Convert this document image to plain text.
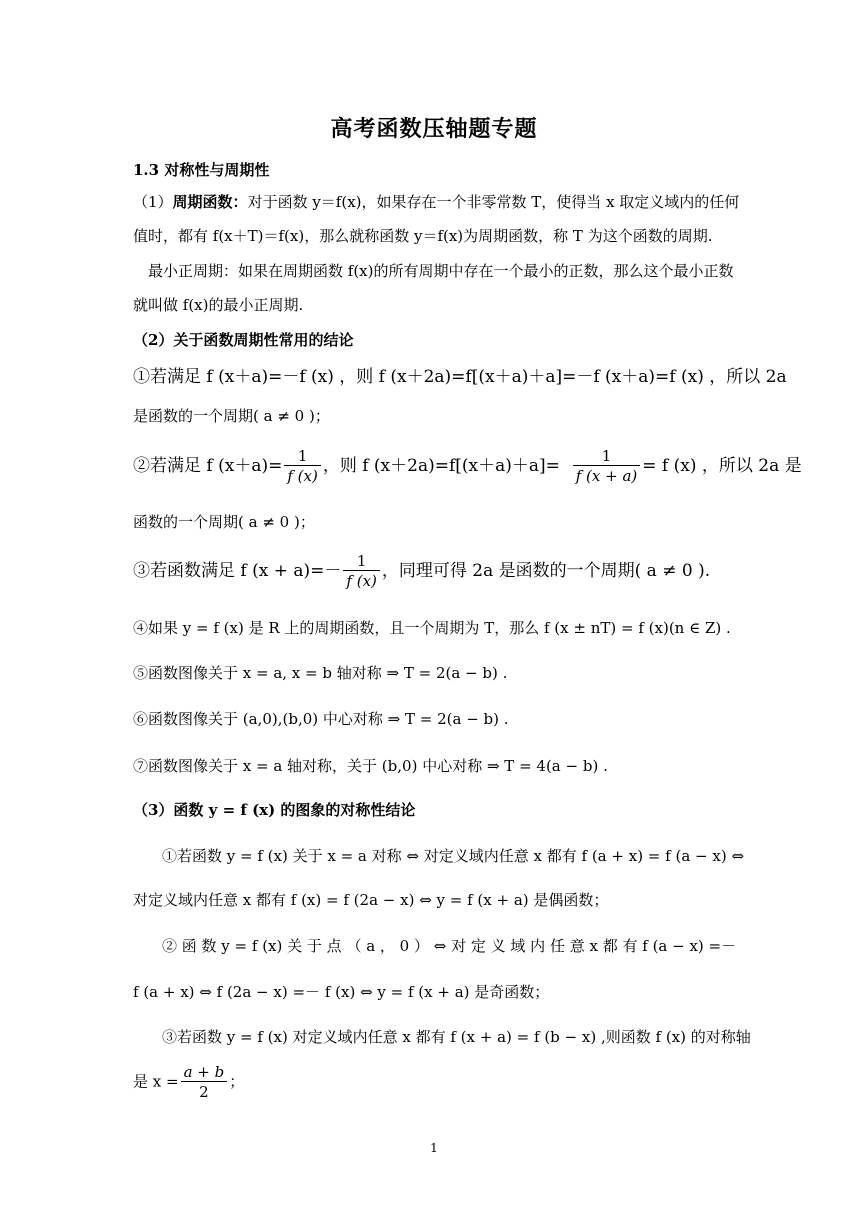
高考函数压轴题专题
1.3 对称性与周期性
（1）周期函数：对于函数 y＝f(x)，如果存在一个非零常数 T，使得当 x 取定义域内的任何
值时，都有 f(x＋T)＝f(x)，那么就称函数 y＝f(x)为周期函数，称 T 为这个函数的周期.
最小正周期：如果在周期函数 f(x)的所有周期中存在一个最小的正数，那么这个最小正数
就叫做 f(x)的最小正周期.
（2）关于函数周期性常用的结论
①若满足 f (x＋a)=－f (x) ，则 f (x＋2a)=f[(x＋a)＋a]=－f (x＋a)=f (x) ，所以 2a
是函数的一个周期( a ≠ 0 )；
②若满足 f $(x+a)= \frac{1}{f (x)}$ ，则 f $(x+2a)=f[(x+a)+a]= \frac{1}{f (x + a)} = f$ (x) ，所以 2a 是
函数的一个周期( a ≠ 0 )；
③若函数满足 f $(x + a)=- \frac{1}{f (x)}$ ，同理可得 2a 是函数的一个周期( a ≠ 0 ).
④如果 y = f (x) 是 R 上的周期函数，且一个周期为 T，那么 f (x ± nT) = f (x)(n ∈ Z) .
⑤函数图像关于 x = a, x = b 轴对称 ⇒ T = 2(a − b) .
⑥函数图像关于 (a,0),(b,0) 中心对称 ⇒ T = 2(a − b) .
⑦函数图像关于 x = a 轴对称，关于 (b,0) 中心对称 ⇒ T = 4(a − b) .
（3）函数 y = f (x) 的图象的对称性结论
①若函数 y = f (x) 关于 x = a 对称 ⇔ 对定义域内任意 x 都有 f (a + x) = f (a − x) ⇔
对定义域内任意 x 都有 f (x) = f (2a − x) ⇔ y = f (x + a) 是偶函数；
② 函 数 y = f (x) 关 于 点 （ a ， 0 ） ⇔ 对 定 义 域 内 任 意 x 都 有 f (a − x) =－
f (a + x) ⇔ f (2a − x) =－ f (x) ⇔ y = f (x + a) 是奇函数；
③若函数 y = f (x) 对定义域内任意 x 都有 f (x + a) = f (b − x) ,则函数 f (x) 的对称轴
是 $x = \frac{a + b}{2}$ ；
1
